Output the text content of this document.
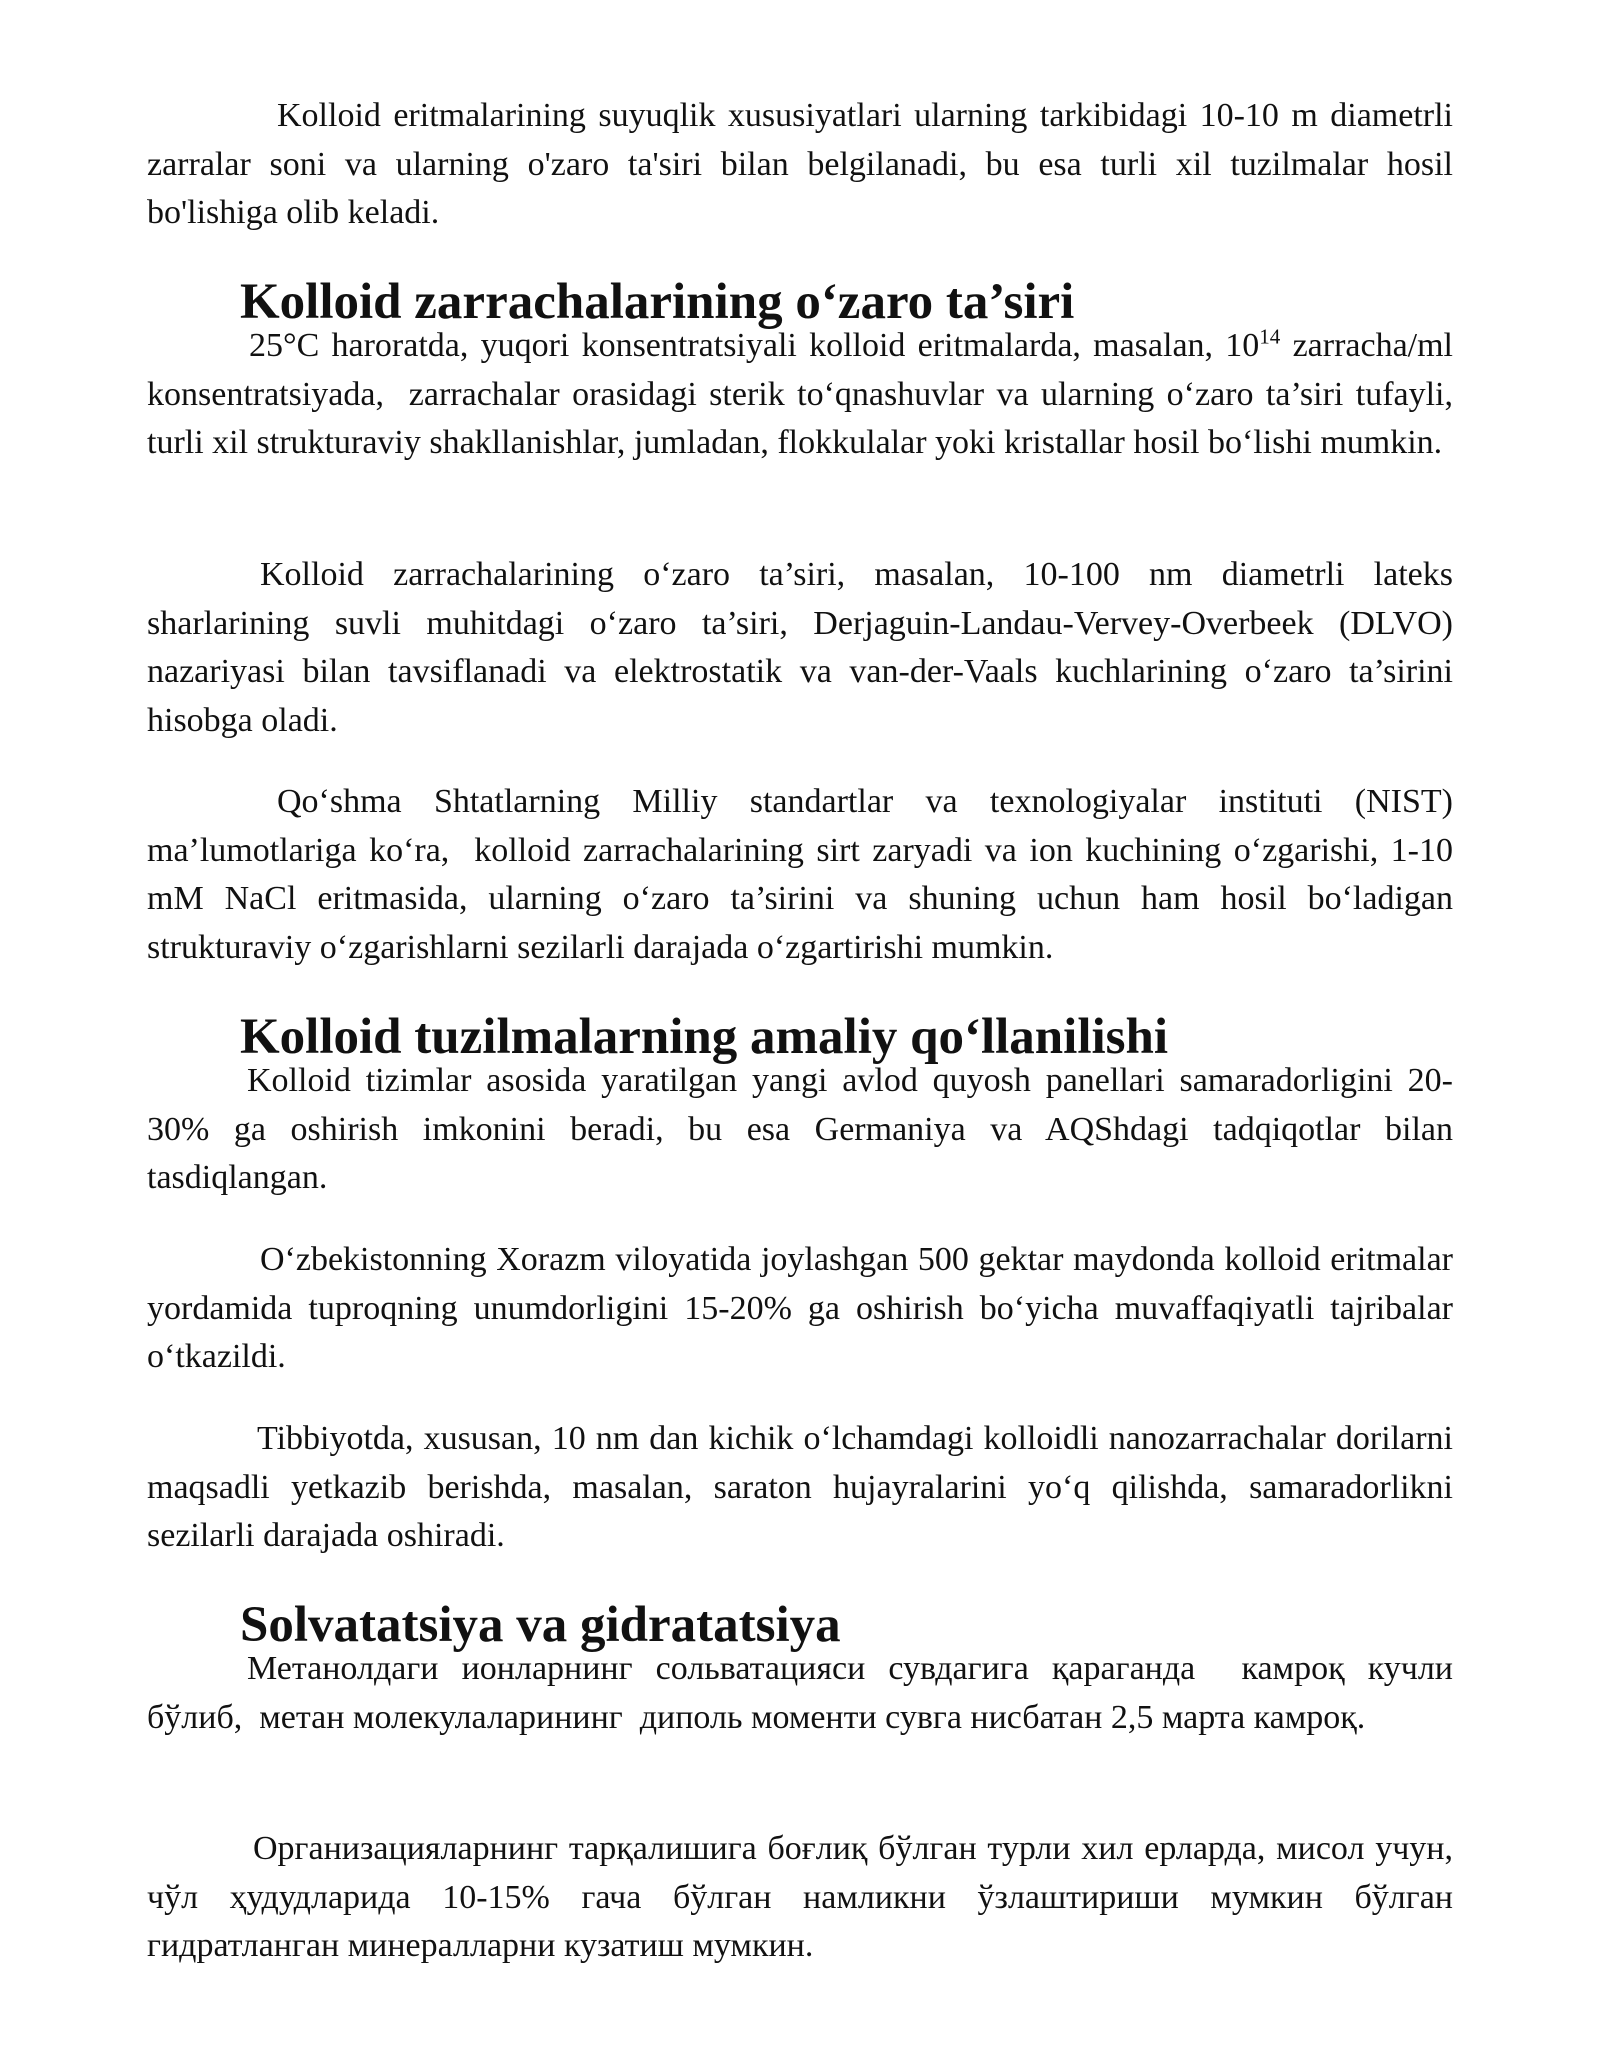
Kolloid eritmalarining suyuqlik xususiyatlari ularning tarkibidagi 10-10 m diametrli zarralar soni va ularning o'zaro ta'siri bilan belgilanadi, bu esa turli xil tuzilmalar hosil bo'lishiga olib keladi.

Kolloid zarrachalarining o‘zaro ta’siri

25°C haroratda, yuqori konsentratsiyali kolloid eritmalarda, masalan, $10^{14}$ zarracha/ml konsentratsiyada,  zarrachalar orasidagi sterik to‘qnashuvlar va ularning o‘zaro ta’siri tufayli,  turli xil strukturaviy shakllanishlar, jumladan, flokkulalar yoki kristallar hosil bo‘lishi mumkin.

Kolloid zarrachalarining o‘zaro ta’siri, masalan, 10-100 nm diametrli lateks sharlarining suvli muhitdagi o‘zaro ta’siri, Derjaguin-Landau-Vervey-Overbeek (DLVO) nazariyasi bilan tavsiflanadi va elektrostatik va van-der-Vaals kuchlarining o‘zaro ta’sirini hisobga oladi.

Qo‘shma Shtatlarning Milliy standartlar va texnologiyalar instituti (NIST) ma’lumotlariga ko‘ra,  kolloid zarrachalarining sirt zaryadi va ion kuchining o‘zgarishi, 1-10 mM NaCl eritmasida, ularning o‘zaro ta’sirini va shuning uchun ham hosil bo‘ladigan strukturaviy o‘zgarishlarni sezilarli darajada o‘zgartirishi mumkin.

Kolloid tuzilmalarning amaliy qo‘llanilishi

Kolloid tizimlar asosida yaratilgan yangi avlod quyosh panellari samaradorligini 20-30% ga oshirish imkonini beradi, bu esa Germaniya va AQShdagi tadqiqotlar bilan tasdiqlangan.

O‘zbekistonning Xorazm viloyatida joylashgan 500 gektar maydonda kolloid eritmalar yordamida tuproqning unumdorligini 15-20% ga oshirish bo‘yicha muvaffaqiyatli tajribalar o‘tkazildi.

Tibbiyotda, xususan, 10 nm dan kichik o‘lchamdagi kolloidli nanozarrachalar dorilarni maqsadli yetkazib berishda, masalan, saraton hujayralarini yo‘q qilishda, samaradorlikni sezilarli darajada oshiradi.

Solvatatsiya va gidratatsiya

Метанолдаги ионларнинг сольватацияси сувдагига қараганда  камроқ кучли бўлиб,  метан молекулаларининг  диполь моменти сувга нисбатан 2,5 марта камроқ.

Организацияларнинг тарқалишига боғлиқ бўлган турли хил ерларда, мисол учун, чўл ҳудудларида 10-15% гача бўлган намликни ўзлаштириши мумкин бўлган гидратланган минералларни кузатиш мумкин.
